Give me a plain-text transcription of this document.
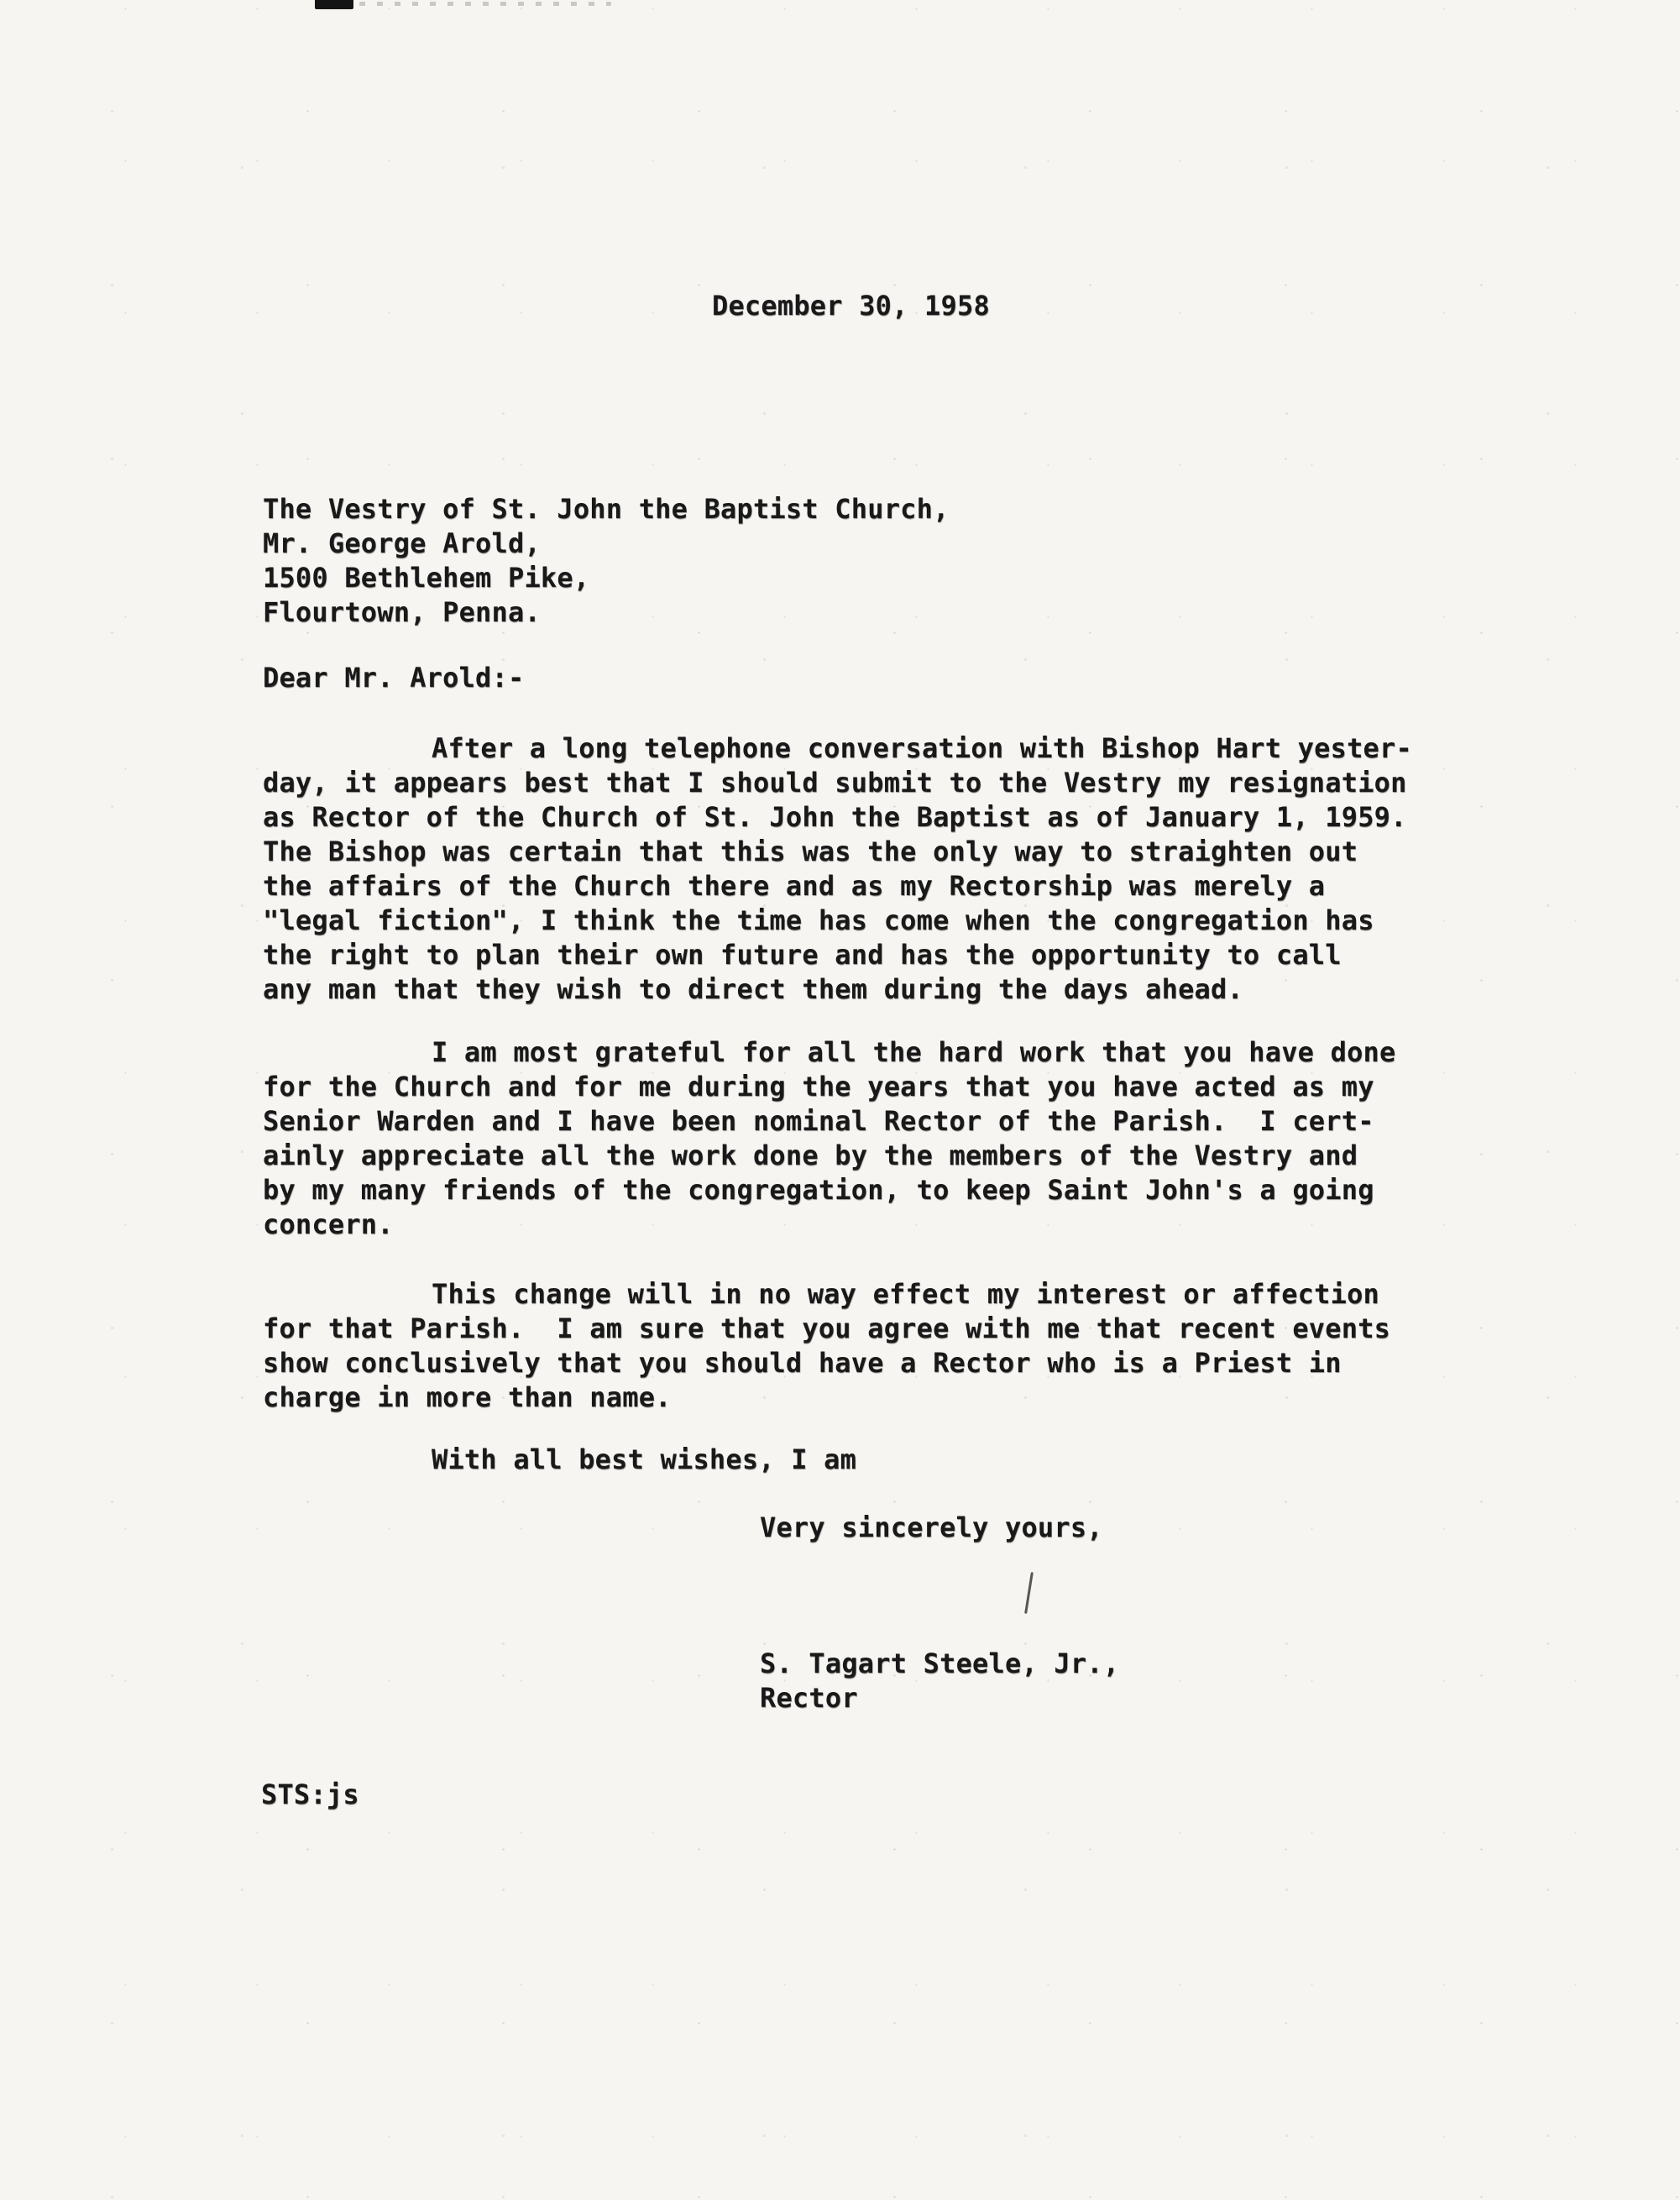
December 30, 1958
The Vestry of St. John the Baptist Church,
Mr. George Arold,
1500 Bethlehem Pike,
Flourtown, Penna.
Dear Mr. Arold:-
After a long telephone conversation with Bishop Hart yester-
day, it appears best that I should submit to the Vestry my resignation
as Rector of the Church of St. John the Baptist as of January 1, 1959.
The Bishop was certain that this was the only way to straighten out
the affairs of the Church there and as my Rectorship was merely a
"legal fiction", I think the time has come when the congregation has
the right to plan their own future and has the opportunity to call
any man that they wish to direct them during the days ahead.
I am most grateful for all the hard work that you have done
for the Church and for me during the years that you have acted as my
Senior Warden and I have been nominal Rector of the Parish.  I cert-
ainly appreciate all the work done by the members of the Vestry and
by my many friends of the congregation, to keep Saint John's a going
concern.
This change will in no way effect my interest or affection
for that Parish.  I am sure that you agree with me that recent events
show conclusively that you should have a Rector who is a Priest in
charge in more than name.
With all best wishes, I am
Very sincerely yours,
S. Tagart Steele, Jr.,
Rector
STS:js
